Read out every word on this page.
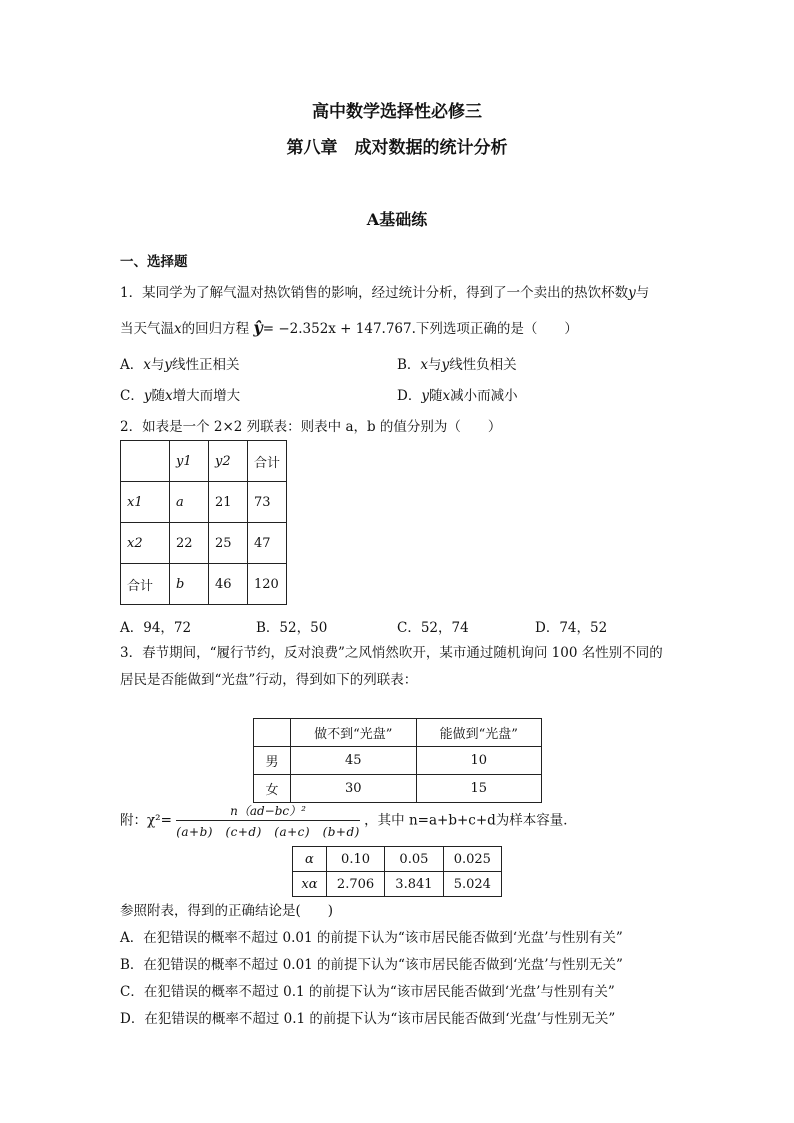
高中数学选择性必修三
第八章　成对数据的统计分析
A基础练
一、选择题
1．某同学为了解气温对热饮销售的影响，经过统计分析，得到了一个卖出的热饮杯数y与
当天气温x的回归方程 ŷ= −2.352x + 147.767.下列选项正确的是（　　）
A．x与y线性正相关	B．x与y线性负相关
C．y随x增大而增大	D．y随x减小而减小
2．如表是一个 2×2 列联表：则表中 a，b 的值分别为（　　）
	y1	y2	合计
x1	a	21	73
x2	22	25	47
合计	b	46	120
A．94，72	B．52，50	C．52，74	D．74，52
3．春节期间，“履行节约，反对浪费”之风悄然吹开，某市通过随机询问 100 名性别不同的
居民是否能做到“光盘”行动，得到如下的列联表：
	做不到“光盘”	能做到“光盘”
男	45	10
女	30	15
附：$\chi^2= \frac{\text{n（ad−bc）²}}{(a+b) (c+d) (a+c) (b+d)}$ ，其中 n=a+b+c+d为样本容量．
α	0.10	0.05	0.025
xα	2.706	3.841	5.024
参照附表，得到的正确结论是(　　)
A．在犯错误的概率不超过 0.01 的前提下认为“该市居民能否做到‘光盘’与性别有关”
B．在犯错误的概率不超过 0.01 的前提下认为“该市居民能否做到‘光盘’与性别无关”
C．在犯错误的概率不超过 0.1 的前提下认为“该市居民能否做到‘光盘’与性别有关”
D．在犯错误的概率不超过 0.1 的前提下认为“该市居民能否做到‘光盘’与性别无关”
